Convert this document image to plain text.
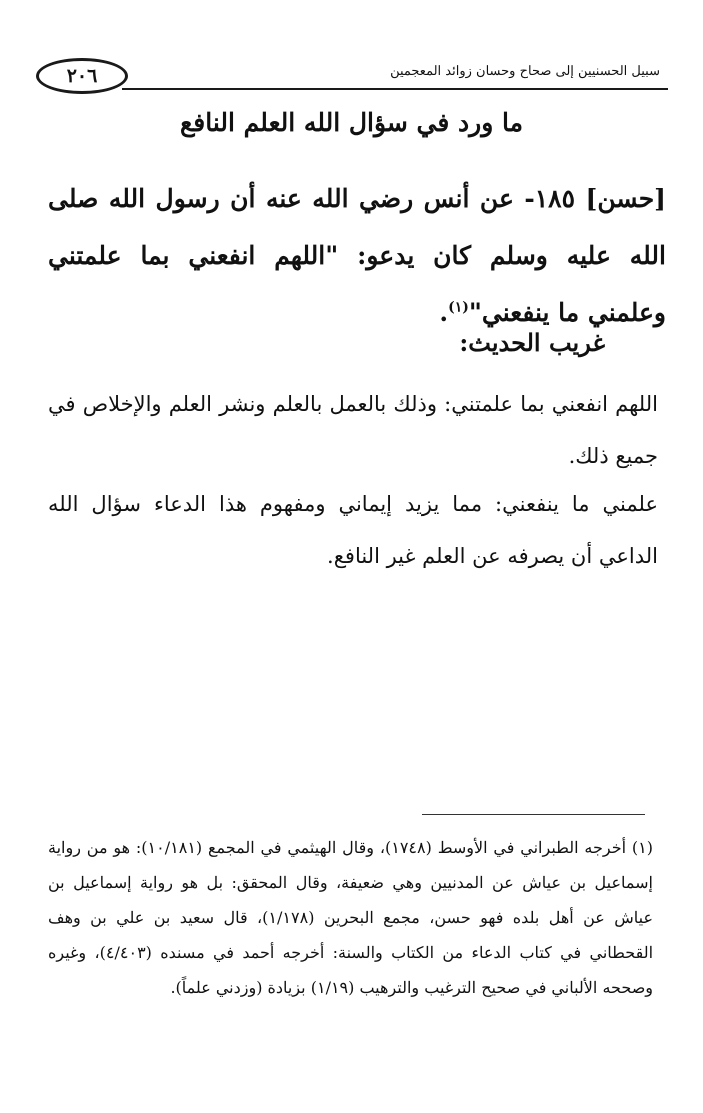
٢٠٦	سبيل الحسنيين إلى صحاح وحسان زوائد المعجمين
ما ورد في سؤال الله العلم النافع
[حسن] ١٨٥- عن أنس رضي الله عنه أن رسول الله صلى الله عليه وسلم كان يدعو: "اللهم انفعني بما علمتني وعلمني ما ينفعني"$^{(١)}$.
غريب الحديث:
اللهم انفعني بما علمتني: وذلك بالعمل بالعلم ونشر العلم والإخلاص في جميع ذلك.
علمني ما ينفعني: مما يزيد إيماني ومفهوم هذا الدعاء سؤال الله الداعي أن يصرفه عن العلم غير النافع.
(١) أخرجه الطبراني في الأوسط (١٧٤٨)، وقال الهيثمي في المجمع (١٠/١٨١): هو من رواية إسماعيل بن عياش عن المدنيين وهي ضعيفة، وقال المحقق: بل هو رواية إسماعيل بن عياش عن أهل بلده فهو حسن، مجمع البحرين (١/١٧٨)، قال سعيد بن علي بن وهف القحطاني في كتاب الدعاء من الكتاب والسنة: أخرجه أحمد في مسنده (٤/٤٠٣)، وغيره وصححه الألباني في صحيح الترغيب والترهيب (١/١٩) بزيادة (وزدني علماً).
